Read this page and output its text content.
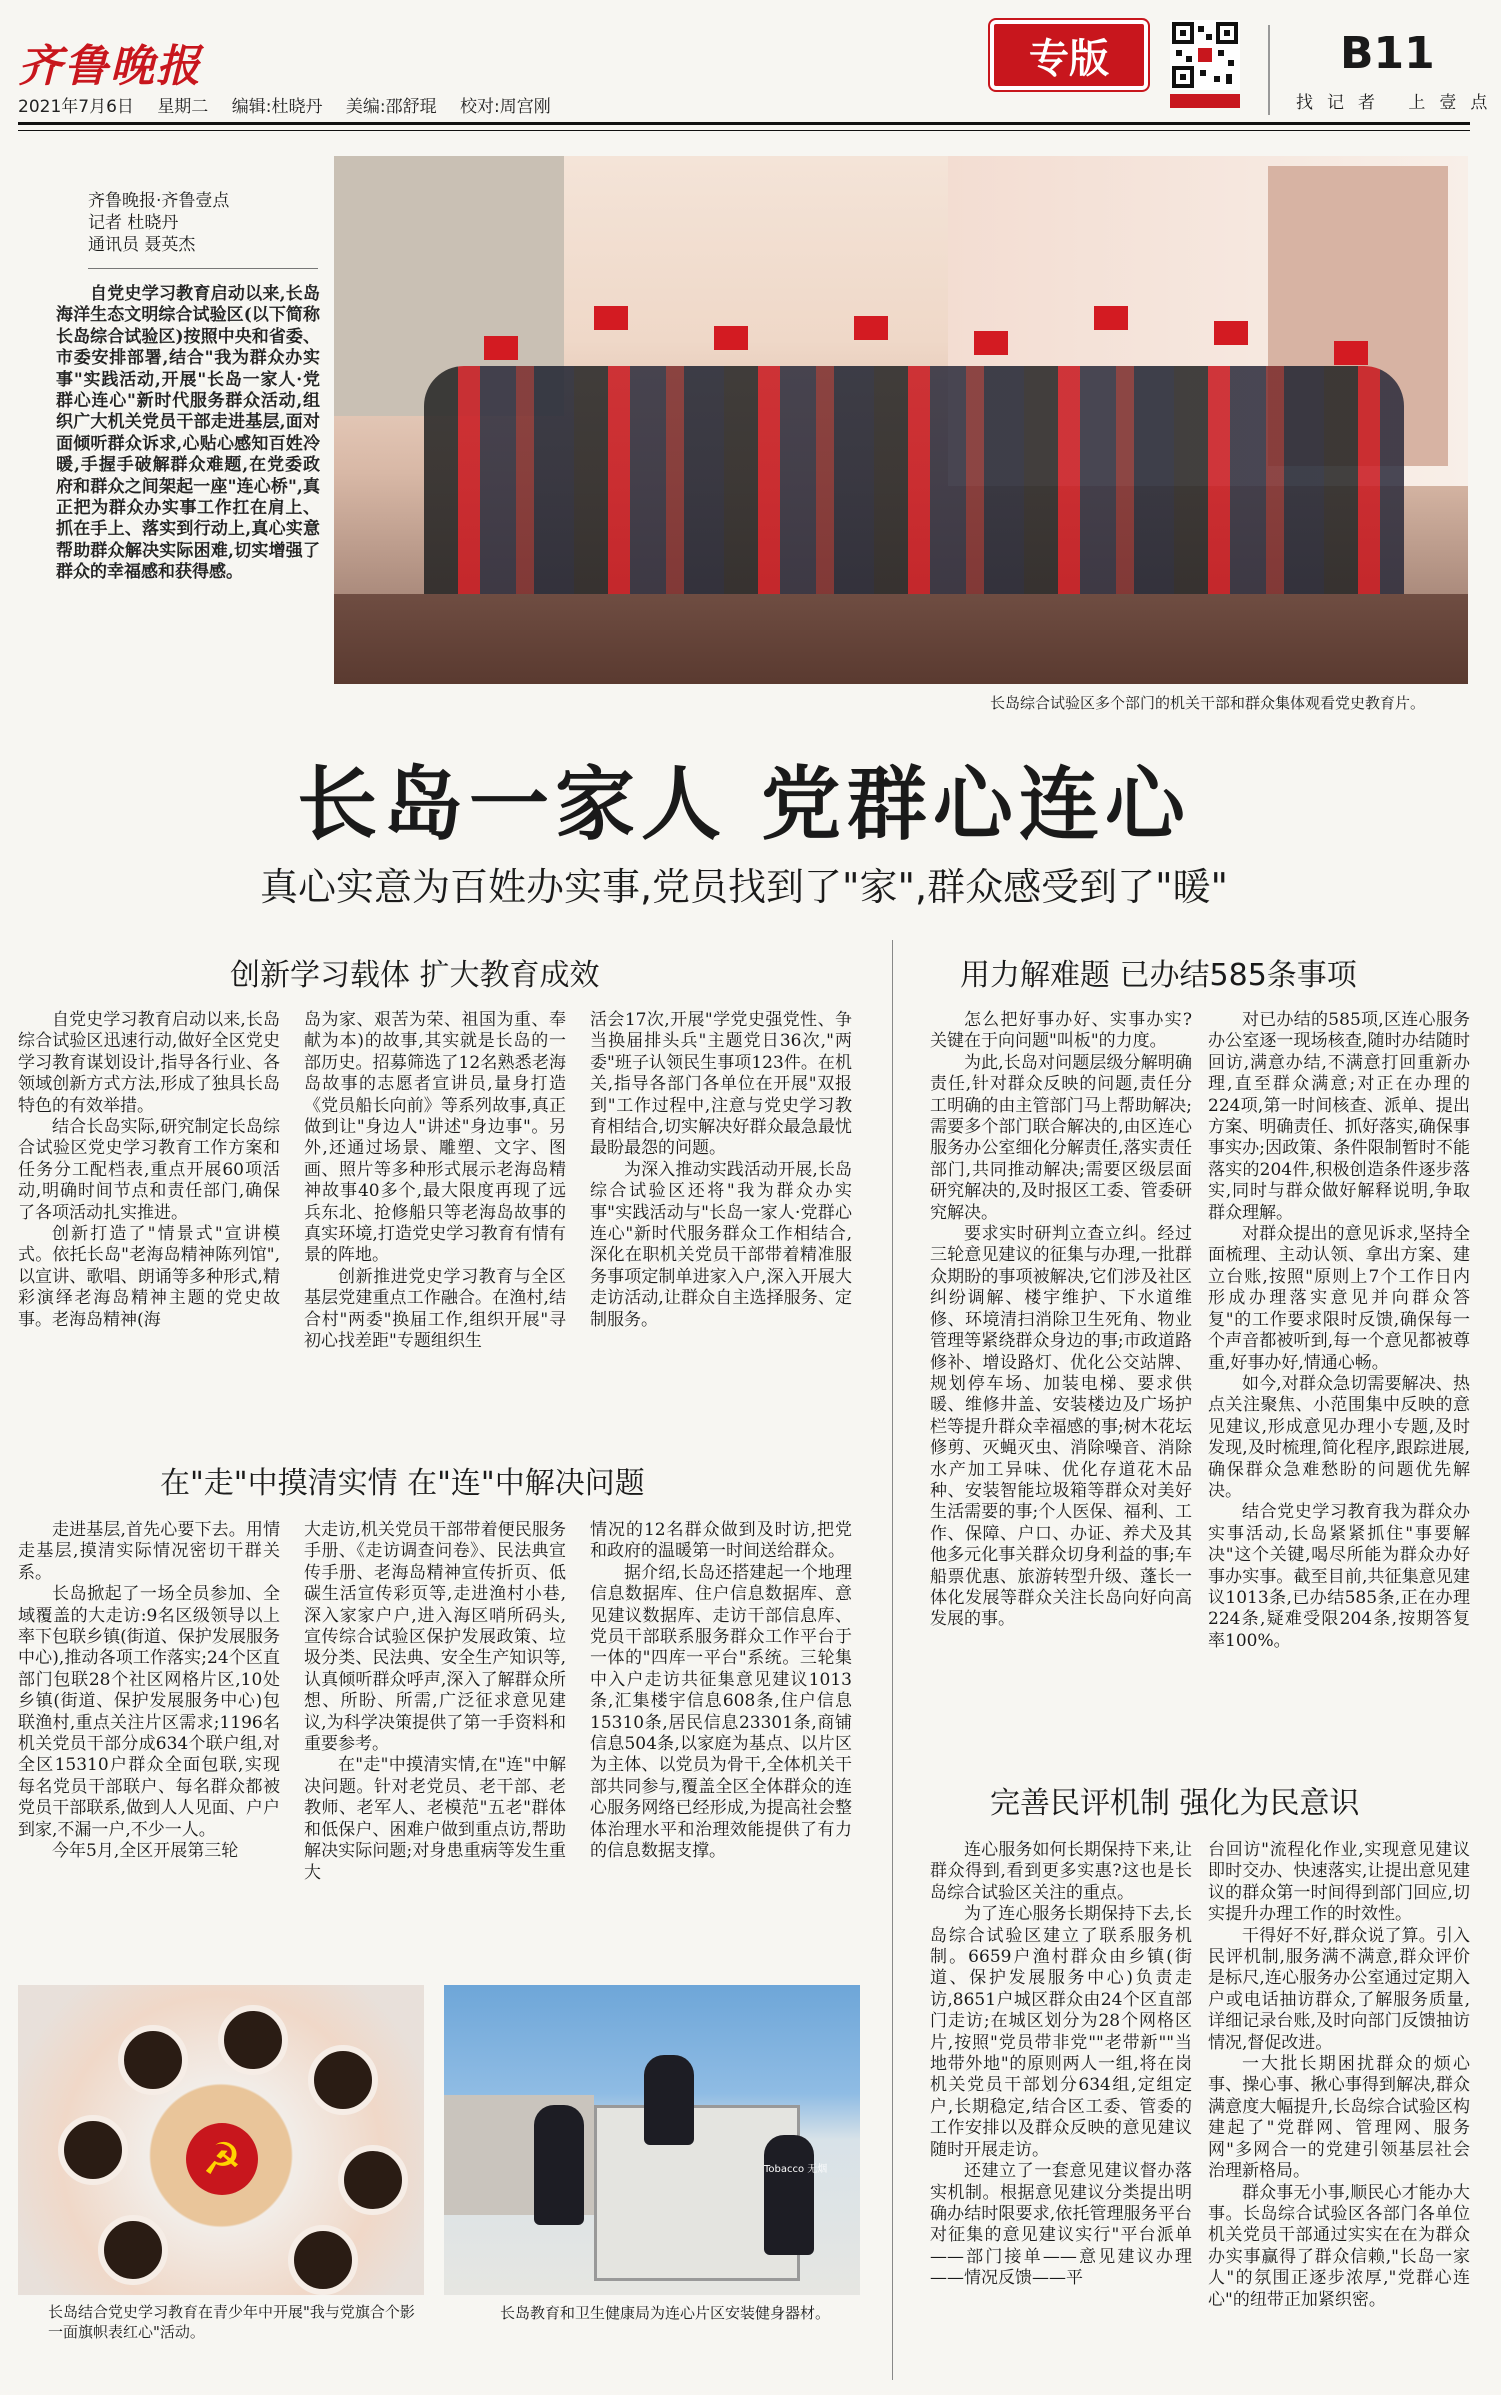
齐鲁晚报
2021年7月6日 星期二 编辑:杜晓丹 美编:邵舒琨 校对:周宫刚
专版	B11
找记者 上壹点
齐鲁晚报·齐鲁壹点
记者 杜晓丹
通讯员 聂英杰

自党史学习教育启动以来,长岛海洋生态文明综合试验区(以下简称长岛综合试验区)按照中央和省委、市委安排部署,结合"我为群众办实事"实践活动,开展"长岛一家人·党群心连心"新时代服务群众活动,组织广大机关党员干部走进基层,面对面倾听群众诉求,心贴心感知百姓冷暖,手握手破解群众难题,在党委政府和群众之间架起一座"连心桥",真正把为群众办实事工作扛在肩上、抓在手上、落实到行动上,真心实意帮助群众解决实际困难,切实增强了群众的幸福感和获得感。

长岛综合试验区多个部门的机关干部和群众集体观看党史教育片。
长岛一家人 党群心连心
真心实意为百姓办实事,党员找到了"家",群众感受到了"暖"
创新学习载体 扩大教育成效

自党史学习教育启动以来,长岛综合试验区迅速行动,做好全区党史学习教育谋划设计,指导各行业、各领域创新方式方法,形成了独具长岛特色的有效举措。

结合长岛实际,研究制定长岛综合试验区党史学习教育工作方案和任务分工配档表,重点开展60项活动,明确时间节点和责任部门,确保了各项活动扎实推进。

创新打造了"情景式"宣讲模式。依托长岛"老海岛精神陈列馆",以宣讲、歌唱、朗诵等多种形式,精彩演绎老海岛精神主题的党史故事。老海岛精神(海

岛为家、艰苦为荣、祖国为重、奉献为本)的故事,其实就是长岛的一部历史。招募筛选了12名熟悉老海岛故事的志愿者宣讲员,量身打造《党员船长向前》等系列故事,真正做到让"身边人"讲述"身边事"。另外,还通过场景、雕塑、文字、图画、照片等多种形式展示老海岛精神故事40多个,最大限度再现了远兵东北、抢修船只等老海岛故事的真实环境,打造党史学习教育有情有景的阵地。

创新推进党史学习教育与全区基层党建重点工作融合。在渔村,结合村"两委"换届工作,组织开展"寻初心找差距"专题组织生

活会17次,开展"学党史强党性、争当换届排头兵"主题党日36次,"两委"班子认领民生事项123件。在机关,指导各部门各单位在开展"双报到"工作过程中,注意与党史学习教育相结合,切实解决好群众最急最忧最盼最怨的问题。

为深入推动实践活动开展,长岛综合试验区还将"我为群众办实事"实践活动与"长岛一家人·党群心连心"新时代服务群众工作相结合,深化在职机关党员干部带着精准服务事项定制单进家入户,深入开展大走访活动,让群众自主选择服务、定制服务。

在"走"中摸清实情 在"连"中解决问题

走进基层,首先心要下去。用情走基层,摸清实际情况密切干群关系。

长岛掀起了一场全员参加、全域覆盖的大走访:9名区级领导以上率下包联乡镇(街道、保护发展服务中心),推动各项工作落实;24个区直部门包联28个社区网格片区,10处乡镇(街道、保护发展服务中心)包联渔村,重点关注片区需求;1196名机关党员干部分成634个联户组,对全区15310户群众全面包联,实现每名党员干部联户、每名群众都被党员干部联系,做到人人见面、户户到家,不漏一户,不少一人。

今年5月,全区开展第三轮

大走访,机关党员干部带着便民服务手册、《走访调查问卷》、民法典宣传手册、老海岛精神宣传折页、低碳生活宣传彩页等,走进渔村小巷,深入家家户户,进入海区哨所码头,宣传综合试验区保护发展政策、垃圾分类、民法典、安全生产知识等,认真倾听群众呼声,深入了解群众所想、所盼、所需,广泛征求意见建议,为科学决策提供了第一手资料和重要参考。

在"走"中摸清实情,在"连"中解决问题。针对老党员、老干部、老教师、老军人、老模范"五老"群体和低保户、困难户做到重点访,帮助解决实际问题;对身患重病等发生重大

情况的12名群众做到及时访,把党和政府的温暖第一时间送给群众。

据介绍,长岛还搭建起一个地理信息数据库、住户信息数据库、意见建议数据库、走访干部信息库、党员干部联系服务群众工作平台于一体的"四库一平台"系统。三轮集中入户走访共征集意见建议1013条,汇集楼宇信息608条,住户信息15310条,居民信息23301条,商铺信息504条,以家庭为基点、以片区为主体、以党员为骨干,全体机关干部共同参与,覆盖全区全体群众的连心服务网络已经形成,为提高社会整体治理水平和治理效能提供了有力的信息数据支撑。

用力解难题 已办结585条事项

怎么把好事办好、实事办实?关键在于向问题"叫板"的力度。

为此,长岛对问题层级分解明确责任,针对群众反映的问题,责任分工明确的由主管部门马上帮助解决;需要多个部门联合解决的,由区连心服务办公室细化分解责任,落实责任部门,共同推动解决;需要区级层面研究解决的,及时报区工委、管委研究解决。

要求实时研判立查立纠。经过三轮意见建议的征集与办理,一批群众期盼的事项被解决,它们涉及社区纠纷调解、楼宇维护、下水道维修、环境清扫消除卫生死角、物业管理等紧绕群众身边的事;市政道路修补、增设路灯、优化公交站牌、规划停车场、加装电梯、要求供暖、维修井盖、安装楼边及广场护栏等提升群众幸福感的事;树木花坛修剪、灭蝇灭虫、消除噪音、消除水产加工异味、优化存道花木品种、安装智能垃圾箱等群众对美好生活需要的事;个人医保、福利、工作、保障、户口、办证、养犬及其他多元化事关群众切身利益的事;车船票优惠、旅游转型升级、蓬长一体化发展等群众关注长岛向好向高发展的事。

对已办结的585项,区连心服务办公室逐一现场核查,随时办结随时回访,满意办结,不满意打回重新办理,直至群众满意;对正在办理的224项,第一时间核查、派单、提出方案、明确责任、抓好落实,确保事事实办;因政策、条件限制暂时不能落实的204件,积极创造条件逐步落实,同时与群众做好解释说明,争取群众理解。

对群众提出的意见诉求,坚持全面梳理、主动认领、拿出方案、建立台账,按照"原则上7个工作日内形成办理落实意见并向群众答复"的工作要求限时反馈,确保每一个声音都被听到,每一个意见都被尊重,好事办好,情通心畅。

如今,对群众急切需要解决、热点关注聚焦、小范围集中反映的意见建议,形成意见办理小专题,及时发现,及时梳理,简化程序,跟踪进展,确保群众急难愁盼的问题优先解决。

结合党史学习教育我为群众办实事活动,长岛紧紧抓住"事要解决"这个关键,喝尽所能为群众办好事办实事。截至目前,共征集意见建议1013条,已办结585条,正在办理224条,疑难受限204条,按期答复率100%。

完善民评机制 强化为民意识

连心服务如何长期保持下来,让群众得到,看到更多实惠?这也是长岛综合试验区关注的重点。

为了连心服务长期保持下去,长岛综合试验区建立了联系服务机制。6659户渔村群众由乡镇(街道、保护发展服务中心)负责走访,8651户城区群众由24个区直部门走访;在城区划分为28个网格区片,按照"党员带非党""老带新""当地带外地"的原则两人一组,将在岗机关党员干部划分634组,定组定户,长期稳定,结合区工委、管委的工作安排以及群众反映的意见建议随时开展走访。

还建立了一套意见建议督办落实机制。根据意见建议分类提出明确办结时限要求,依托管理服务平台对征集的意见建议实行"平台派单——部门接单——意见建议办理——情况反馈——平

台回访"流程化作业,实现意见建议即时交办、快速落实,让提出意见建议的群众第一时间得到部门回应,切实提升办理工作的时效性。

干得好不好,群众说了算。引入民评机制,服务满不满意,群众评价是标尺,连心服务办公室通过定期入户或电话抽访群众,了解服务质量,详细记录台账,及时向部门反馈抽访情况,督促改进。

一大批长期困扰群众的烦心事、操心事、揪心事得到解决,群众满意度大幅提升,长岛综合试验区构建起了"党群网、管理网、服务网"多网合一的党建引领基层社会治理新格局。

群众事无小事,顺民心才能办大事。长岛综合试验区各部门各单位机关党员干部通过实实在在为群众办实事赢得了群众信赖,"长岛一家人"的氛围正逐步浓厚,"党群心连心"的纽带正加紧织密。

☭	Tobacco 无烟
长岛结合党史学习教育在青少年中开展"我与党旗合个影 一面旗帜表红心"活动。
长岛教育和卫生健康局为连心片区安装健身器材。
